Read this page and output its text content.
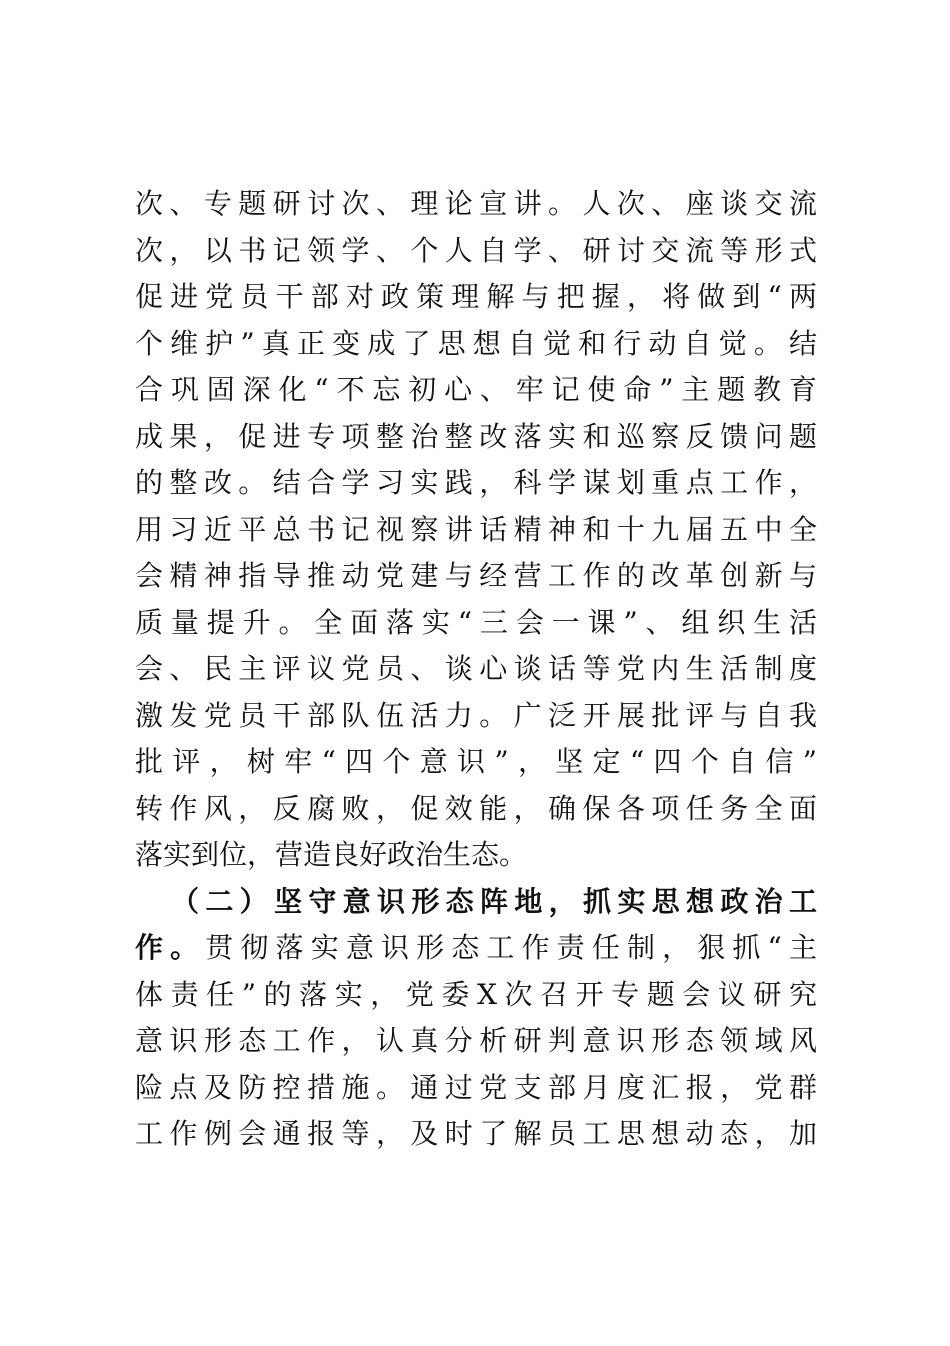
次、专题研讨次、理论宣讲。人次、座谈交流
次，以书记领学、个人自学、研讨交流等形式
促进党员干部对政策理解与把握，将做到“两
个维护”真正变成了思想自觉和行动自觉。结
合巩固深化“不忘初心、牢记使命”主题教育
成果，促进专项整治整改落实和巡察反馈问题
的整改。结合学习实践，科学谋划重点工作，
用习近平总书记视察讲话精神和十九届五中全
会精神指导推动党建与经营工作的改革创新与
质量提升。全面落实“三会一课”、组织生活
会、民主评议党员、谈心谈话等党内生活制度
激发党员干部队伍活力。广泛开展批评与自我
批评，树牢“四个意识”，坚定“四个自信”
转作风，反腐败，促效能，确保各项任务全面
落实到位，营造良好政治生态。
（二）坚守意识形态阵地，抓实思想政治工
作。贯彻落实意识形态工作责任制，狠抓“主
体责任”的落实，党委X次召开专题会议研究
意识形态工作，认真分析研判意识形态领域风
险点及防控措施。通过党支部月度汇报，党群
工作例会通报等，及时了解员工思想动态，加
